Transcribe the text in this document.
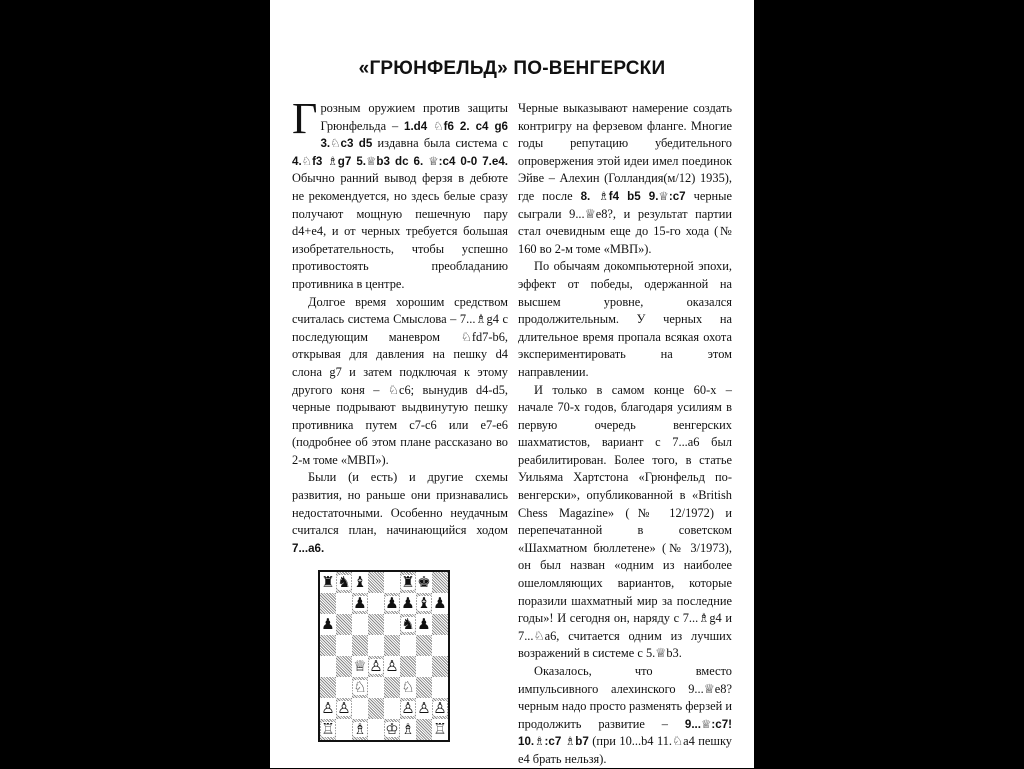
«ГРЮНФЕЛЬД» ПО-ВЕНГЕРСКИ

Грозным оружием против защиты Грюнфельда – 1.d4 ♘f6 2. c4 g6 3.♘c3 d5 издавна была система с 4.♘f3 ♗g7 5.♕b3 dc 6. ♕:c4 0-0 7.e4. Обычно ранний вывод ферзя в дебюте не рекомендуется, но здесь белые сразу получают мощную пешечную пару d4+e4, и от черных требуется большая изобретательность, чтобы успешно противостоять преобладанию противника в центре.

Долгое время хорошим средством считалась система Смыслова – 7...♗g4 с последующим маневром ♘fd7-b6, открывая для давления на пешку d4 слона g7 и затем подключая к этому другого коня – ♘c6; вынудив d4-d5, черные подрывают выдвинутую пешку противника путем c7-c6 или e7-e6 (подробнее об этом плане рассказано во 2-м томе «МВП»).

Были (и есть) и другие схемы развития, но раньше они признавались недостаточными. Особенно неудачным считался план, начинающийся ходом 7...a6.

Черные выказывают намерение создать контригру на ферзевом фланге. Многие годы репутацию убедительного опровержения этой идеи имел поединок Эйве – Алехин (Голландия(м/12) 1935), где после 8. ♗f4 b5 9.♕:c7 черные сыграли 9...♕e8?, и результат партии стал очевидным еще до 15-го хода (№ 160 во 2-м томе «МВП»).

По обычаям докомпьютерной эпохи, эффект от победы, одержанной на высшем уровне, оказался продолжительным. У черных на длительное время пропала всякая охота экспериментировать на этом направлении.

И только в самом конце 60-х – начале 70-х годов, благодаря усилиям в первую очередь венгерских шахматистов, вариант с 7...a6 был реабилитирован. Более того, в статье Уильяма Хартстона «Грюнфельд по-венгерски», опубликованной в «British Chess Magazine» (№ 12/1972) и перепечатанной в советском «Шахматном бюллетене» (№ 3/1973), он был назван «одним из наиболее ошеломляющих вариантов, которые поразили шахматный мир за последние годы»! И сегодня он, наряду с 7...♗g4 и 7...♘a6, считается одним из лучших возражений в системе с 5.♕b3.

Оказалось, что вместо импульсивного алехинского 9...♕e8? черным надо просто разменять ферзей и продолжить развитие – 9...♕:c7! 10.♗:c7 ♗b7 (при 10...b4 11.♘a4 пешку e4 брать нельзя).

♜ ♞ ♝ ♜ ♚
♟ ♟ ♟ ♝ ♟
♟	♞ ♟
♕ ♙ ♙
♘ ♘
♙ ♙	♙ ♙ ♙
♖ ♗ ♔ ♗ ♖
